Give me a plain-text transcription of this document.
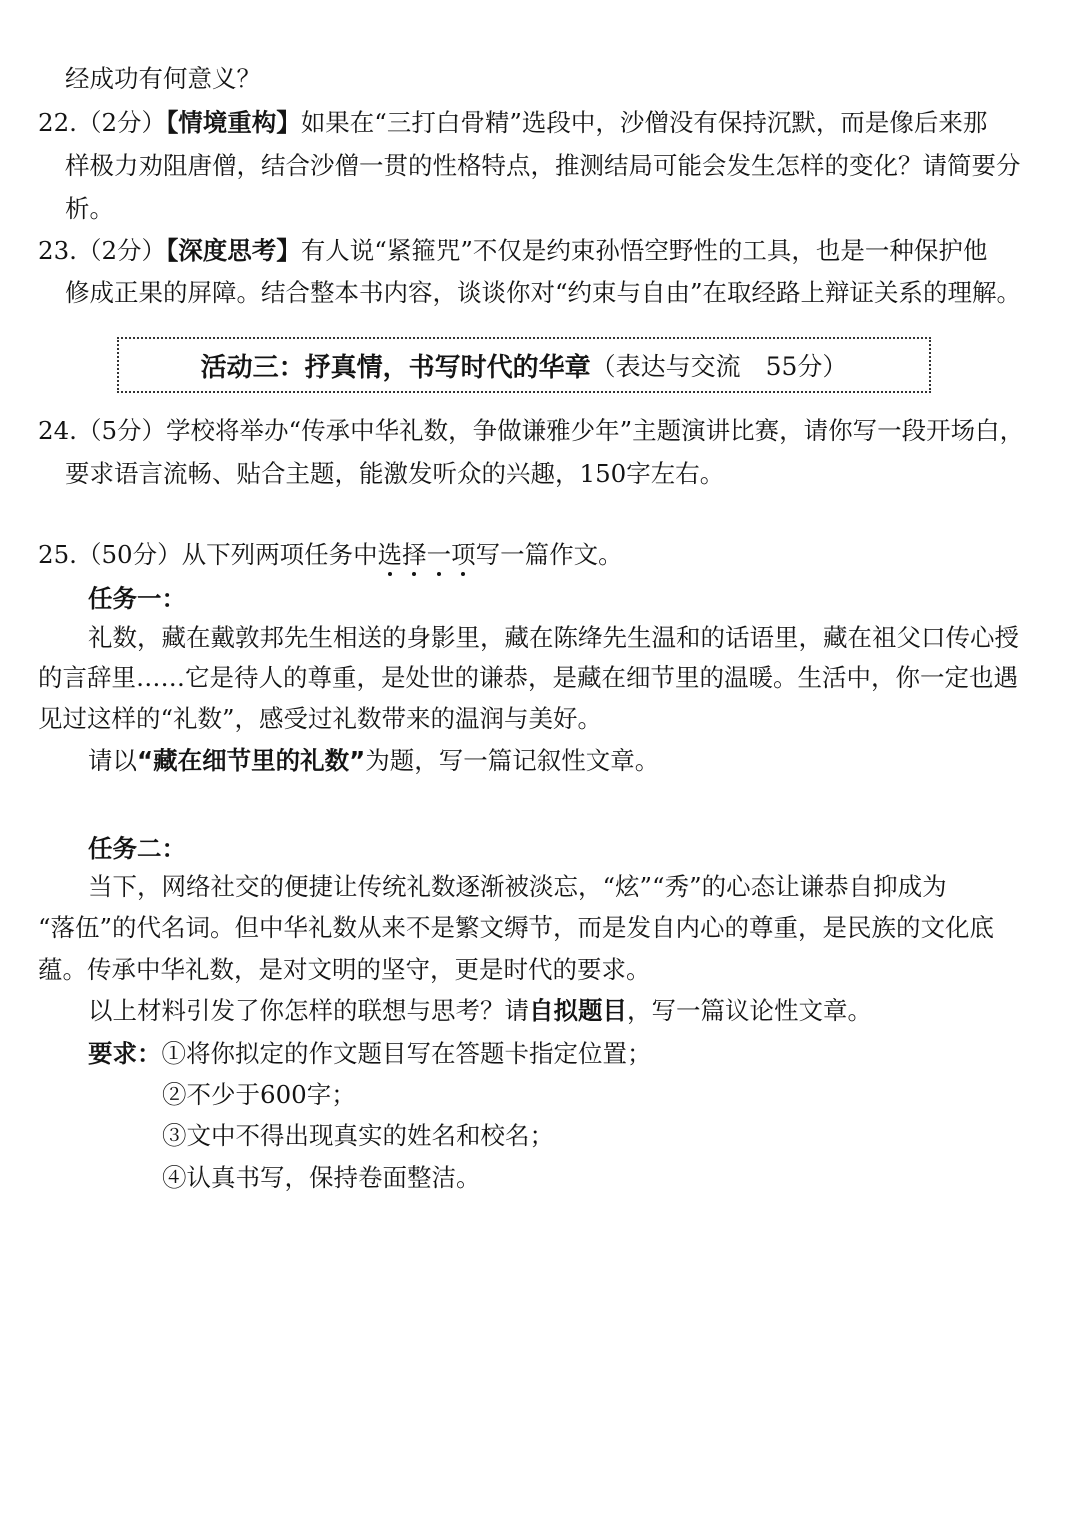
经成功有何意义？
22.（2分）【情境重构】如果在“三打白骨精”选段中，沙僧没有保持沉默，而是像后来那
样极力劝阻唐僧，结合沙僧一贯的性格特点，推测结局可能会发生怎样的变化？请简要分
析。
23.（2分）【深度思考】有人说“紧箍咒”不仅是约束孙悟空野性的工具，也是一种保护他
修成正果的屏障。结合整本书内容，谈谈你对“约束与自由”在取经路上辩证关系的理解。
活动三：抒真情，书写时代的华章 （表达与交流　55分）
24.（5分）学校将举办“传承中华礼数，争做谦雅少年”主题演讲比赛，请你写一段开场白，
要求语言流畅、贴合主题，能激发听众的兴趣，150字左右。
25.（50分）从下列两项任务中选择一项写一篇作文。
任务一：
礼数，藏在戴敦邦先生相送的身影里，藏在陈绛先生温和的话语里，藏在祖父口传心授
的言辞里……它是待人的尊重，是处世的谦恭，是藏在细节里的温暖。生活中，你一定也遇
见过这样的“礼数”，感受过礼数带来的温润与美好。
请以“藏在细节里的礼数”为题，写一篇记叙性文章。
任务二：
当下，网络社交的便捷让传统礼数逐渐被淡忘，“炫”“秀”的心态让谦恭自抑成为
“落伍”的代名词。但中华礼数从来不是繁文缛节，而是发自内心的尊重，是民族的文化底
蕴。传承中华礼数，是对文明的坚守，更是时代的要求。
以上材料引发了你怎样的联想与思考？请自拟题目，写一篇议论性文章。
要求：①将你拟定的作文题目写在答题卡指定位置；
②不少于600字；
③文中不得出现真实的姓名和校名；
④认真书写，保持卷面整洁。
